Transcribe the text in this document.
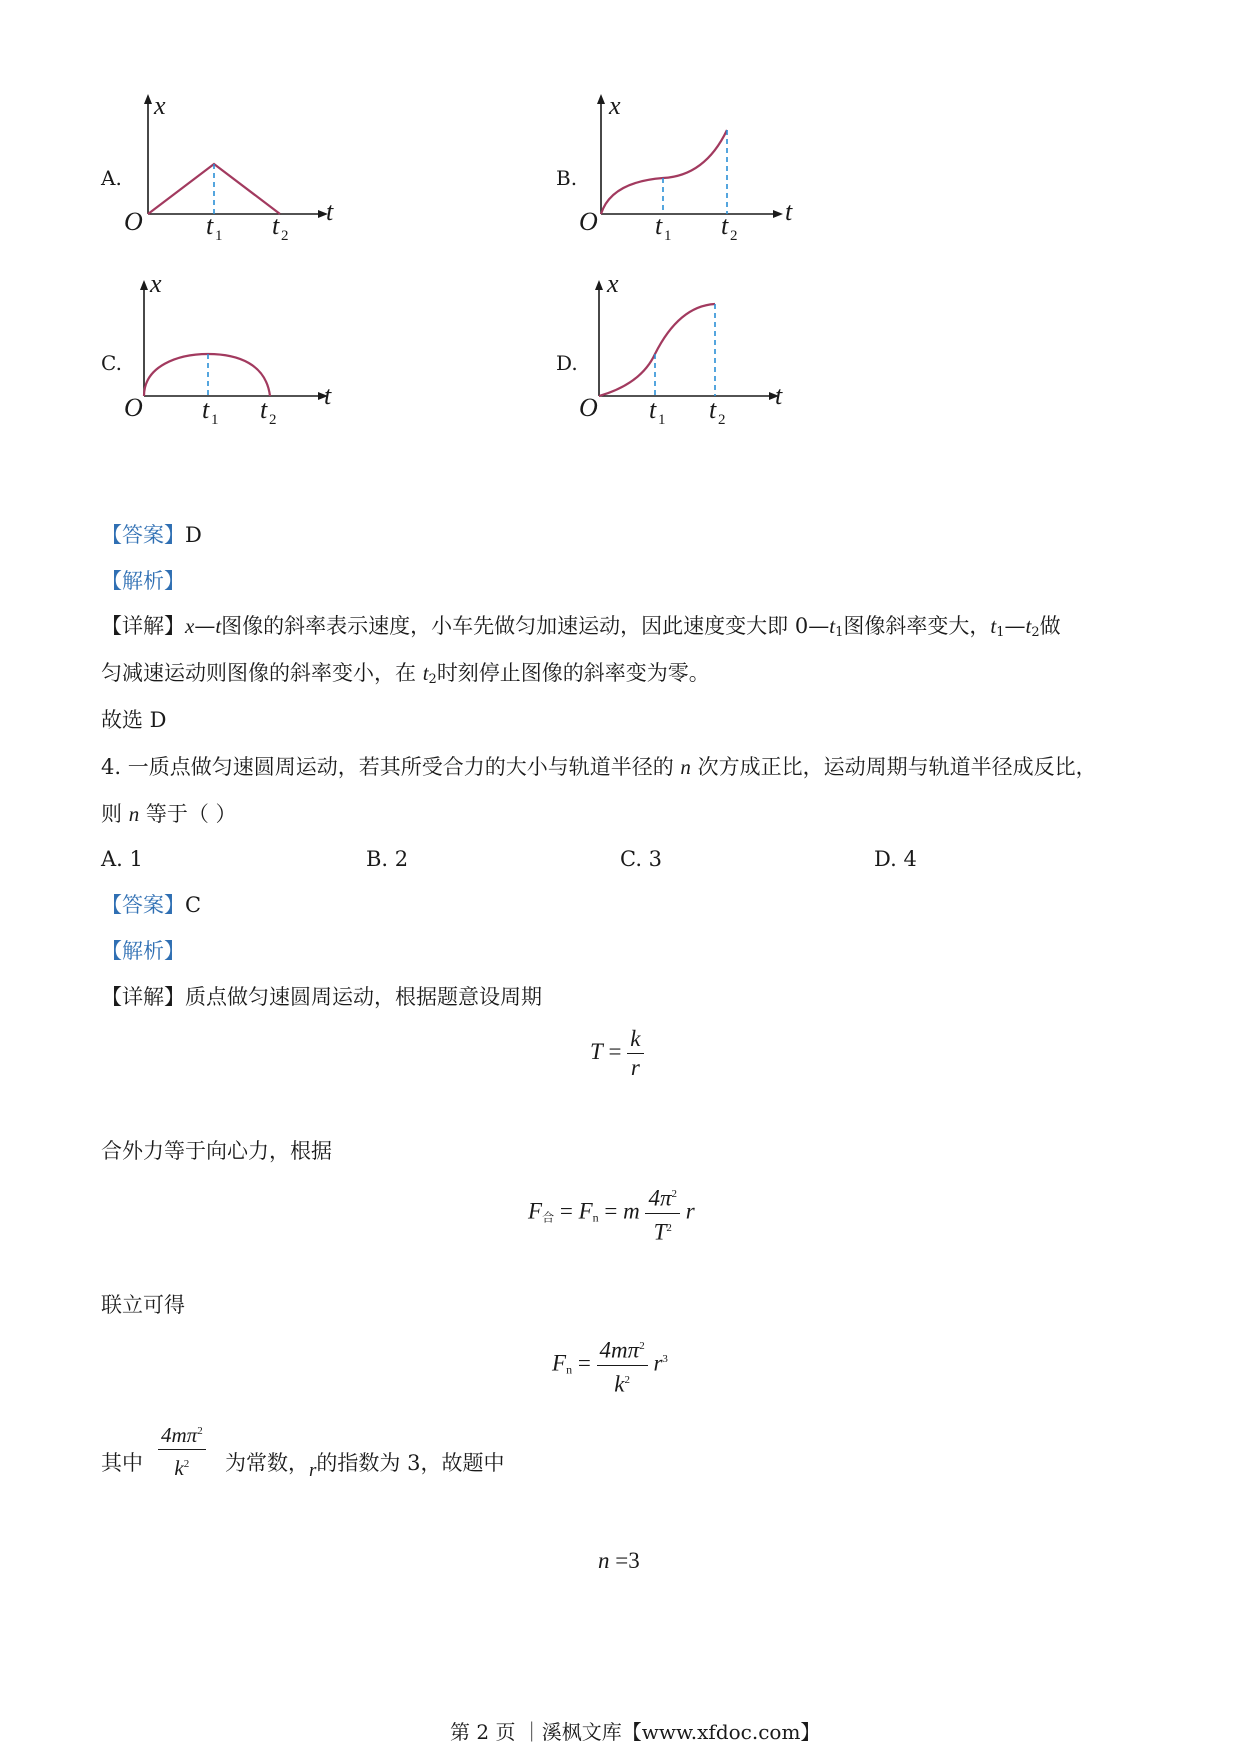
A.	B.
C.	D.
x
t
O t 1 t 2
x
t
O t 1 t 2
x
t
O t 1 t 2
x
t
O t 1 t 2
【答案】D
【解析】
【详解】x—t图像的斜率表示速度，小车先做匀加速运动，因此速度变大即 $0—t_1$图像斜率变大，$t_1—t_2$做
匀减速运动则图像的斜率变小，在 $t_2$时刻停止图像的斜率变为零。
故选 D
4. 一质点做匀速圆周运动，若其所受合力的大小与轨道半径的 n 次方成正比，运动周期与轨道半径成反比，
则 n 等于（ ）
A. 1	B. 2	C. 3	D. 4
【答案】C
【解析】
【详解】质点做匀速圆周运动，根据题意设周期
$T = \frac{k}{r}$
合外力等于向心力，根据
$F_合 = F_n = m \frac{4\pi^2}{T^2}$ r
联立可得
$F_n = \frac{4m\pi^2}{k^2} r^3$
其中 $\frac{4m\pi^2}{k^2}$ 为常数，r的指数为 3，故题中
n =3
第 2 页 ｜溪枫文库【www.xfdoc.com】
